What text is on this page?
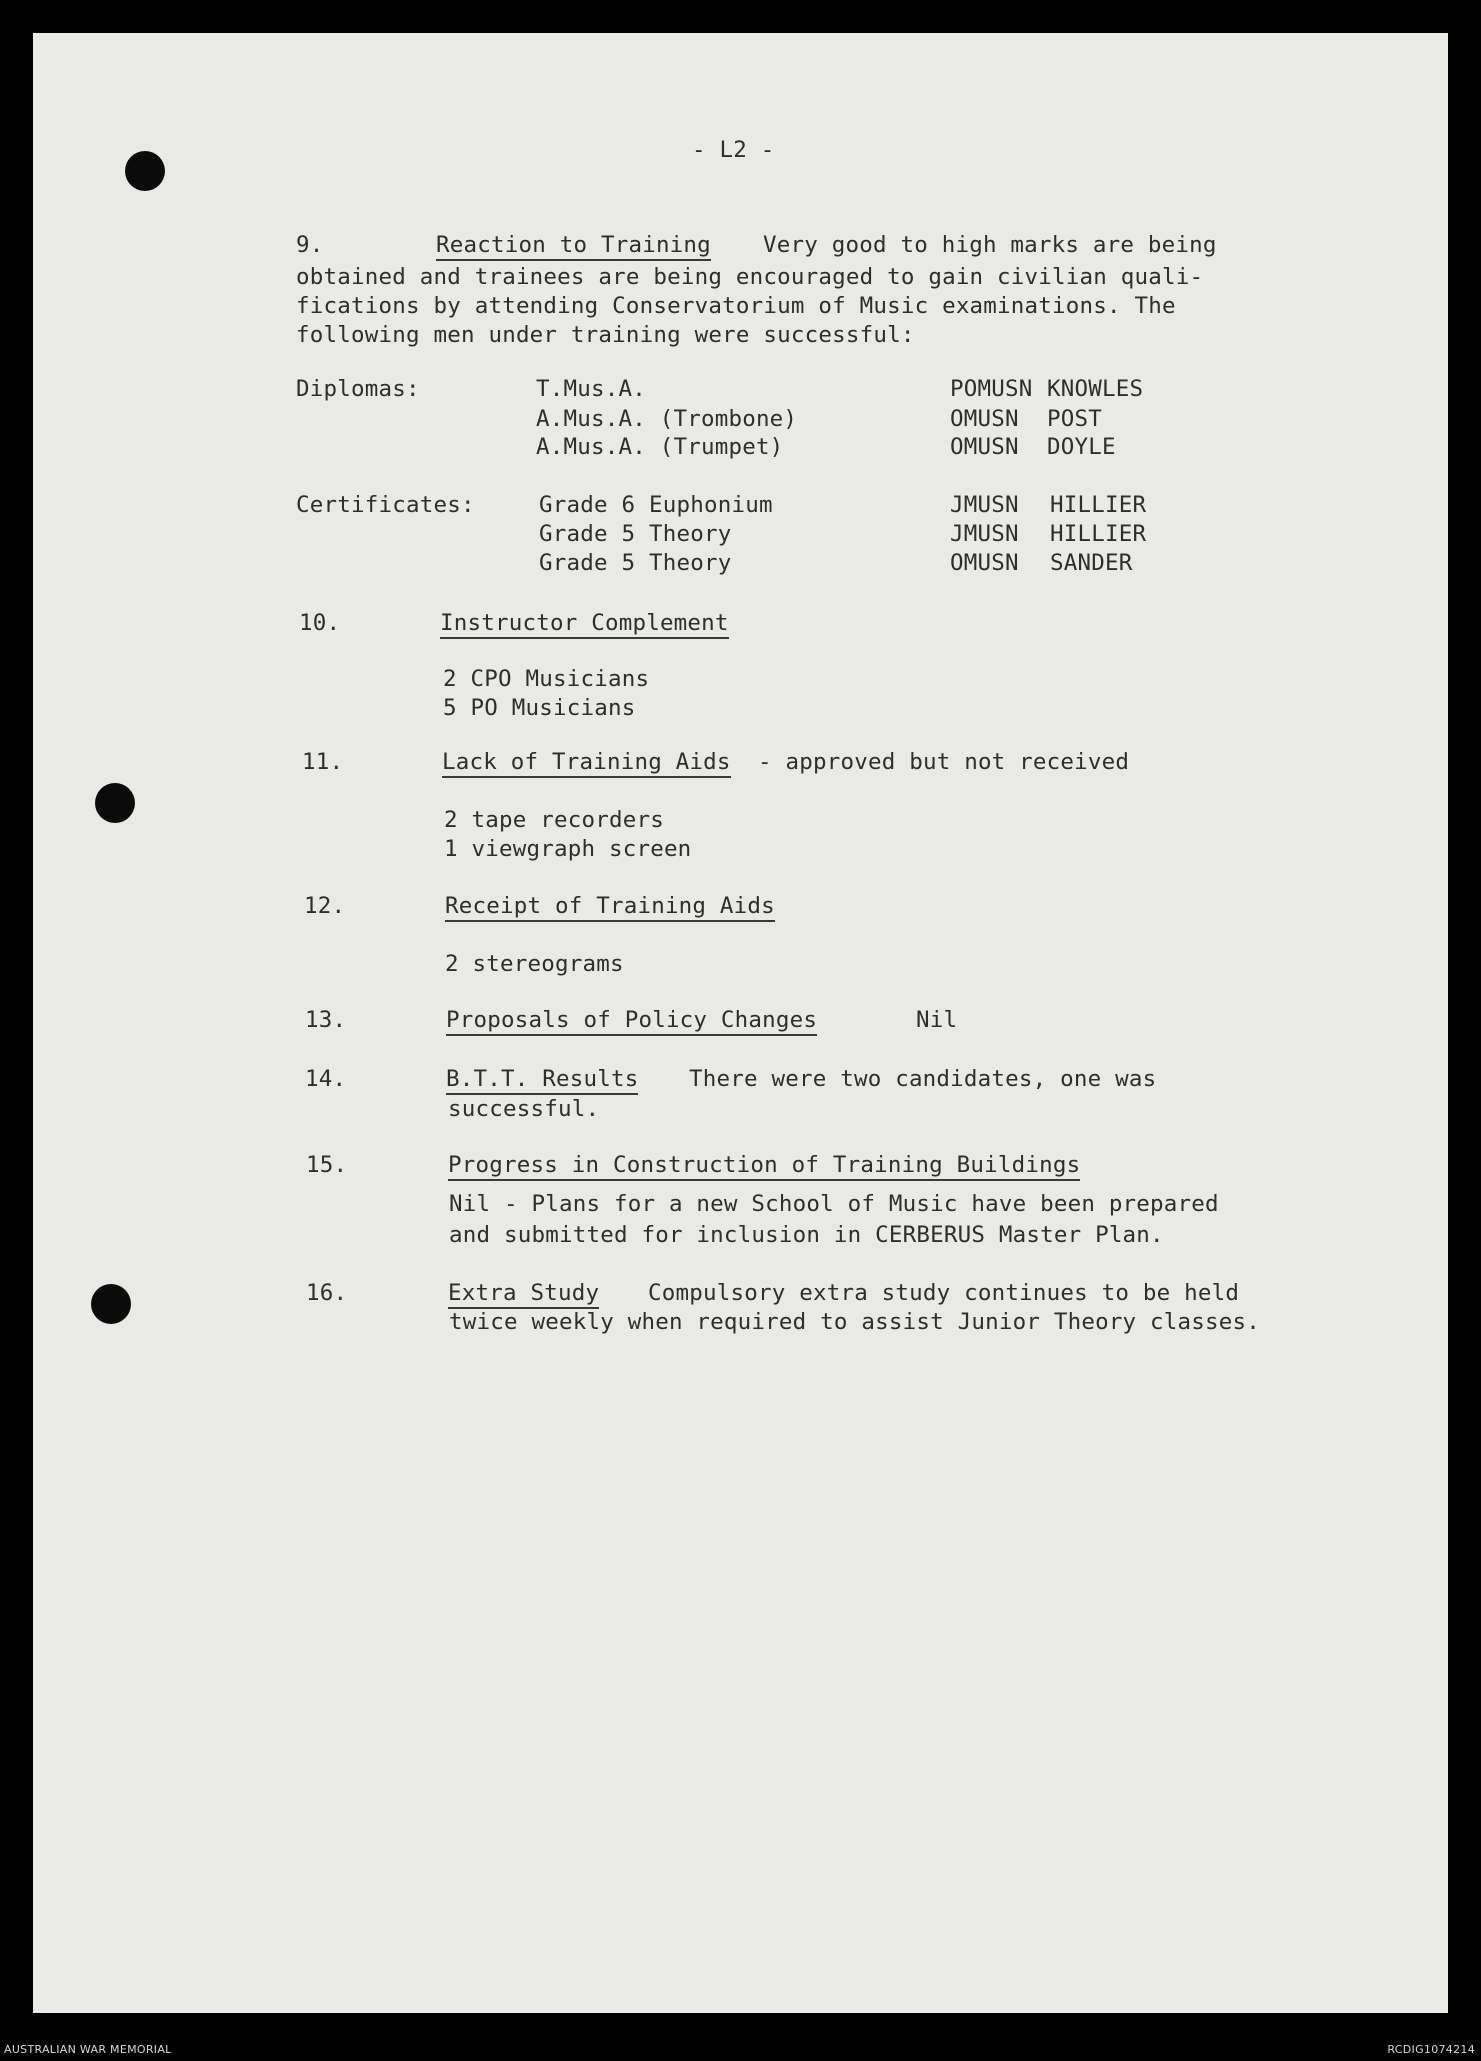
- L2 -
9.	Reaction to Training Very good to high marks are being
obtained and trainees are being encouraged to gain civilian quali-
fications by attending Conservatorium of Music examinations. The
following men under training were successful:
Diplomas:	T.Mus.A.	POMUSN KNOWLES
A.Mus.A. (Trombone)	OMUSN POST
A.Mus.A. (Trumpet)	OMUSN DOYLE
Certificates:	Grade 6 Euphonium	JMUSN HILLIER
Grade 5 Theory	JMUSN HILLIER
Grade 5 Theory	OMUSN SANDER
10.	Instructor Complement
2 CPO Musicians
5 PO Musicians
11.	Lack of Training Aids - approved but not received
2 tape recorders
1 viewgraph screen
12.	Receipt of Training Aids
2 stereograms
13.	Proposals of Policy Changes	Nil
14.	B.T.T. Results There were two candidates, one was
successful.
15.	Progress in Construction of Training Buildings
Nil - Plans for a new School of Music have been prepared
and submitted for inclusion in CERBERUS Master Plan.
16.	Extra Study Compulsory extra study continues to be held
twice weekly when required to assist Junior Theory classes.
AUSTRALIAN WAR MEMORIAL	RCDIG1074214
